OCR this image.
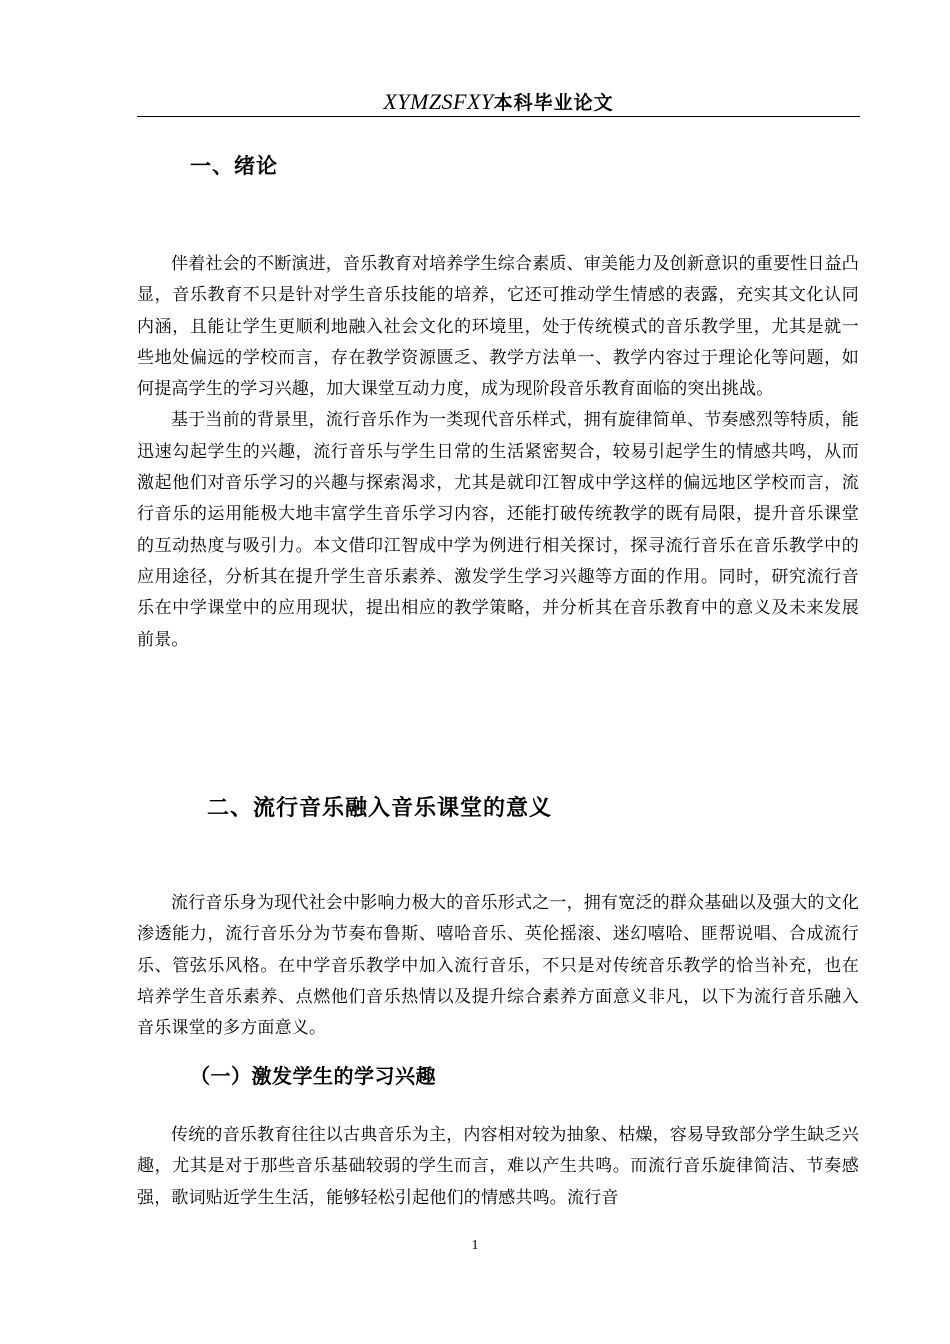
XYMZSFXY本科毕业论文
一、绪论

伴着社会的不断演进，音乐教育对培养学生综合素质、审美能力及创新意识的重要性日益凸显，音乐教育不只是针对学生音乐技能的培养，它还可推动学生情感的表露，充实其文化认同内涵，且能让学生更顺利地融入社会文化的环境里，处于传统模式的音乐教学里，尤其是就一些地处偏远的学校而言，存在教学资源匮乏、教学方法单一、教学内容过于理论化等问题，如何提高学生的学习兴趣，加大课堂互动力度，成为现阶段音乐教育面临的突出挑战。

基于当前的背景里，流行音乐作为一类现代音乐样式，拥有旋律简单、节奏感烈等特质，能迅速勾起学生的兴趣，流行音乐与学生日常的生活紧密契合，较易引起学生的情感共鸣，从而激起他们对音乐学习的兴趣与探索渴求，尤其是就印江智成中学这样的偏远地区学校而言，流行音乐的运用能极大地丰富学生音乐学习内容，还能打破传统教学的既有局限，提升音乐课堂的互动热度与吸引力。本文借印江智成中学为例进行相关探讨，探寻流行音乐在音乐教学中的应用途径，分析其在提升学生音乐素养、激发学生学习兴趣等方面的作用。同时，研究流行音乐在中学课堂中的应用现状，提出相应的教学策略，并分析其在音乐教育中的意义及未来发展前景。

二、流行音乐融入音乐课堂的意义

流行音乐身为现代社会中影响力极大的音乐形式之一，拥有宽泛的群众基础以及强大的文化渗透能力，流行音乐分为节奏布鲁斯、嘻哈音乐、英伦摇滚、迷幻嘻哈、匪帮说唱、合成流行乐、管弦乐风格。在中学音乐教学中加入流行音乐，不只是对传统音乐教学的恰当补充，也在培养学生音乐素养、点燃他们音乐热情以及提升综合素养方面意义非凡，以下为流行音乐融入音乐课堂的多方面意义。

（一）激发学生的学习兴趣

传统的音乐教育往往以古典音乐为主，内容相对较为抽象、枯燥，容易导致部分学生缺乏兴趣，尤其是对于那些音乐基础较弱的学生而言，难以产生共鸣。而流行音乐旋律简洁、节奏感强，歌词贴近学生生活，能够轻松引起他们的情感共鸣。流行音

1
